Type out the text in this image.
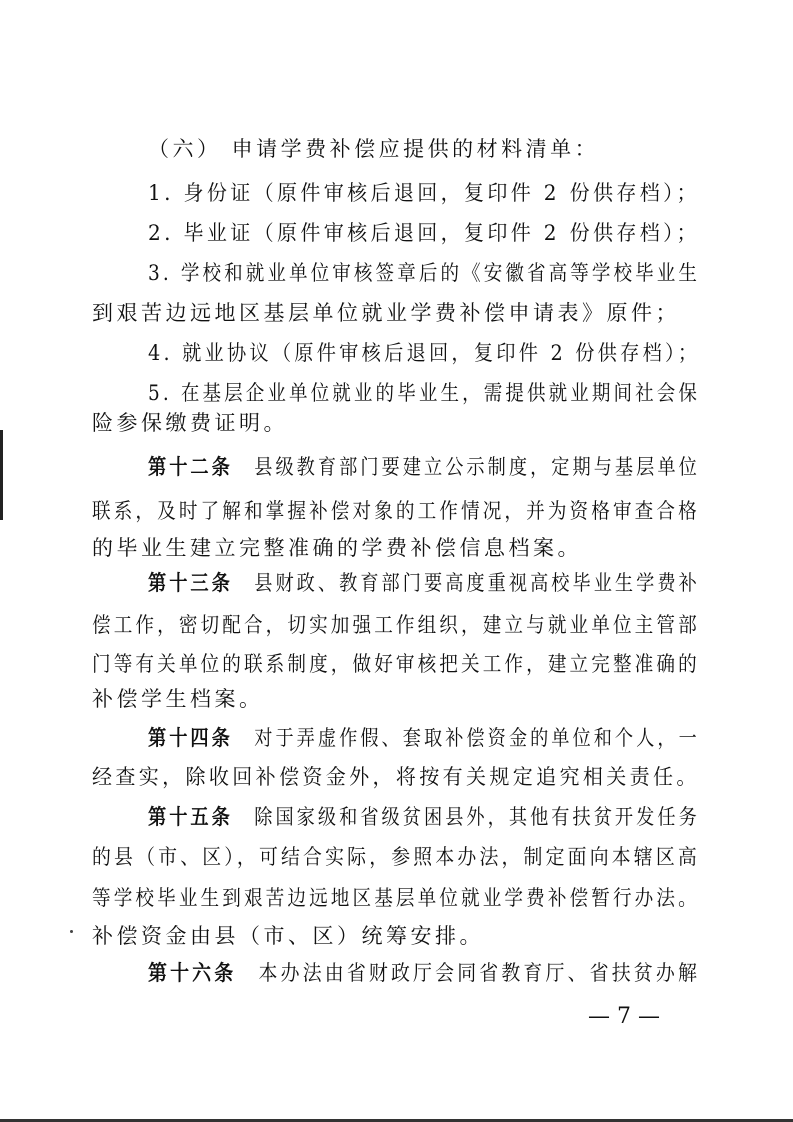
（六） 申请学费补偿应提供的材料清单：
1. 身份证（原件审核后退回，复印件 2 份供存档）；
2. 毕业证（原件审核后退回，复印件 2 份供存档）；
3. 学校和就业单位审核签章后的《安徽省高等学校毕业生
到艰苦边远地区基层单位就业学费补偿申请表》原件；
4. 就业协议（原件审核后退回，复印件 2 份供存档）；
5. 在基层企业单位就业的毕业生，需提供就业期间社会保
险参保缴费证明。
第十二条 县级教育部门要建立公示制度，定期与基层单位
联系，及时了解和掌握补偿对象的工作情况，并为资格审查合格
的毕业生建立完整准确的学费补偿信息档案。
第十三条 县财政、教育部门要高度重视高校毕业生学费补
偿工作，密切配合，切实加强工作组织，建立与就业单位主管部
门等有关单位的联系制度，做好审核把关工作，建立完整准确的
补偿学生档案。
第十四条 对于弄虚作假、套取补偿资金的单位和个人，一
经查实，除收回补偿资金外，将按有关规定追究相关责任。
第十五条 除国家级和省级贫困县外，其他有扶贫开发任务
的县（市、区），可结合实际，参照本办法，制定面向本辖区高
等学校毕业生到艰苦边远地区基层单位就业学费补偿暂行办法。
补偿资金由县（市、区）统筹安排。
第十六条 本办法由省财政厅会同省教育厅、省扶贫办解
— 7 —
